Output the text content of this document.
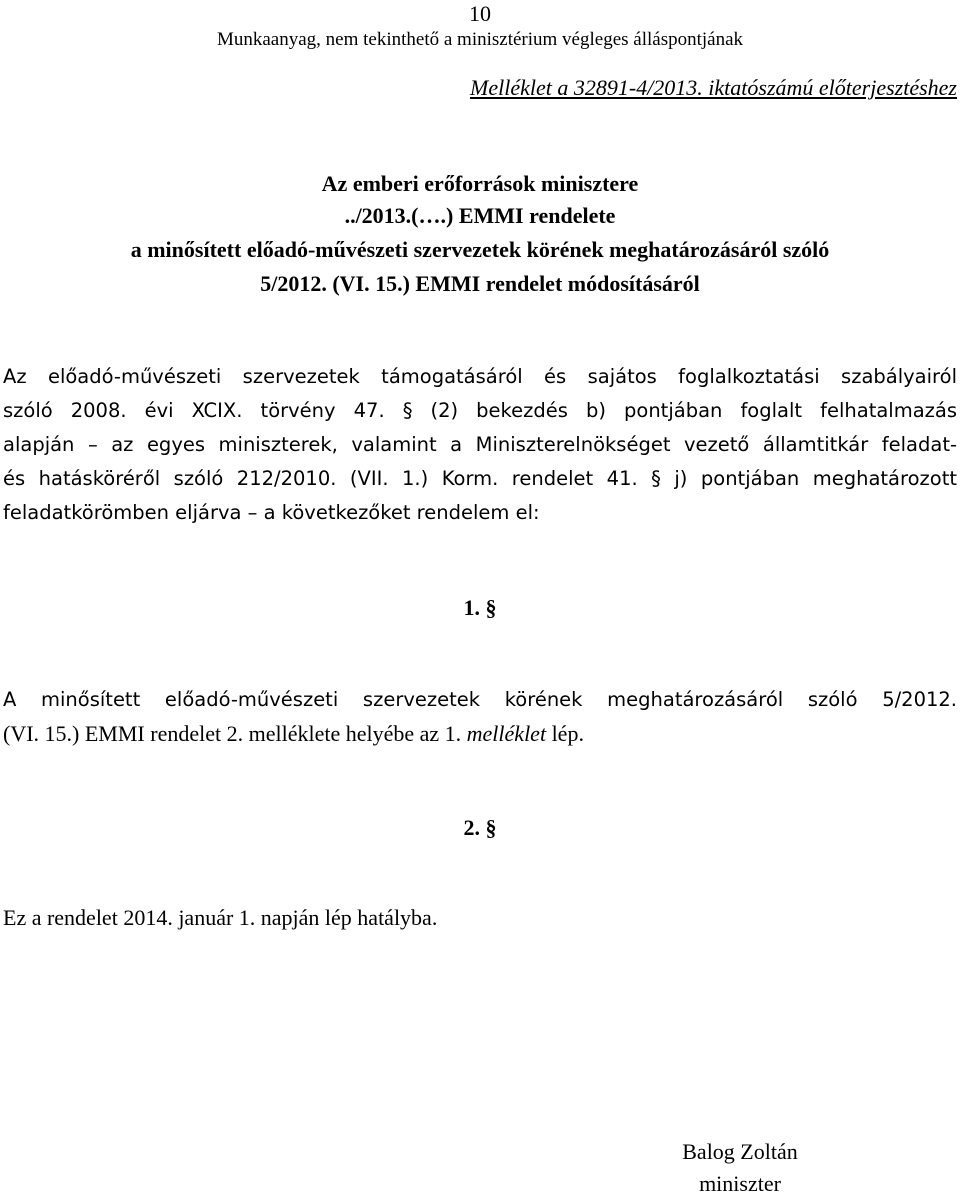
10

Munkaanyag, nem tekinthető a minisztérium végleges álláspontjának

Melléklet a 32891-4/2013. iktatószámú előterjesztéshez

Az emberi erőforrások minisztere

../2013.(….) EMMI rendelete

a minősített előadó-művészeti szervezetek körének meghatározásáról szóló

5/2012. (VI. 15.) EMMI rendelet módosításáról

Az előadó-művészeti szervezetek támogatásáról és sajátos foglalkoztatási szabályairól

szóló 2008. évi XCIX. törvény 47. § (2) bekezdés b) pontjában foglalt felhatalmazás

alapján – az egyes miniszterek, valamint a Miniszterelnökséget vezető államtitkár feladat-

és hatásköréről szóló 212/2010. (VII. 1.) Korm. rendelet 41. § j) pontjában meghatározott

feladatkörömben eljárva – a következőket rendelem el:

1. §

A minősített előadó-művészeti szervezetek körének meghatározásáról szóló 5/2012.

(VI. 15.) EMMI rendelet 2. melléklete helyébe az 1. melléklet lép.

2. §

Ez a rendelet 2014. január 1. napján lép hatályba.

Balog Zoltán

miniszter
